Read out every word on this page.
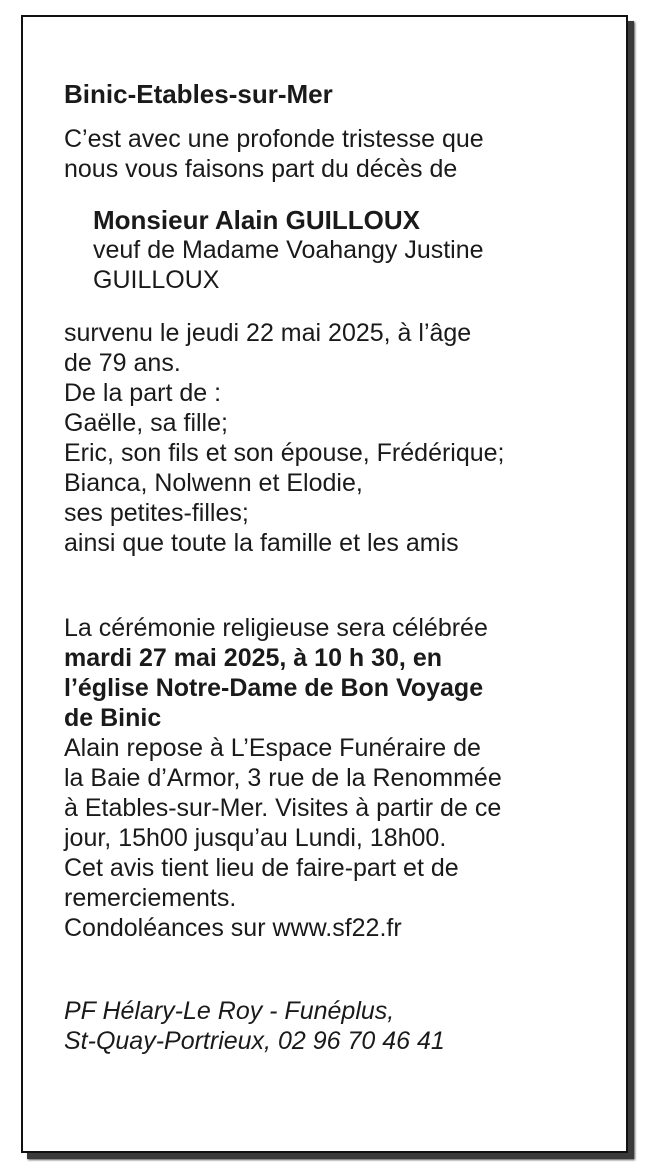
Binic-Etables-sur-Mer
C’est avec une profonde tristesse que
nous vous faisons part du décès de
Monsieur Alain GUILLOUX
veuf de Madame Voahangy Justine
GUILLOUX
survenu le jeudi 22 mai 2025, à l’âge
de 79 ans.
De la part de :
Gaëlle, sa fille;
Eric, son fils et son épouse, Frédérique;
Bianca, Nolwenn et Elodie,
ses petites-filles;
ainsi que toute la famille et les amis
La cérémonie religieuse sera célébrée
mardi 27 mai 2025, à 10 h 30, en
l’église Notre-Dame de Bon Voyage
de Binic
Alain repose à L’Espace Funéraire de
la Baie d’Armor, 3 rue de la Renommée
à Etables-sur-Mer. Visites à partir de ce
jour, 15h00 jusqu’au Lundi, 18h00.
Cet avis tient lieu de faire-part et de
remerciements.
Condoléances sur www.sf22.fr
PF Hélary-Le Roy - Funéplus,
St-Quay-Portrieux, 02 96 70 46 41
